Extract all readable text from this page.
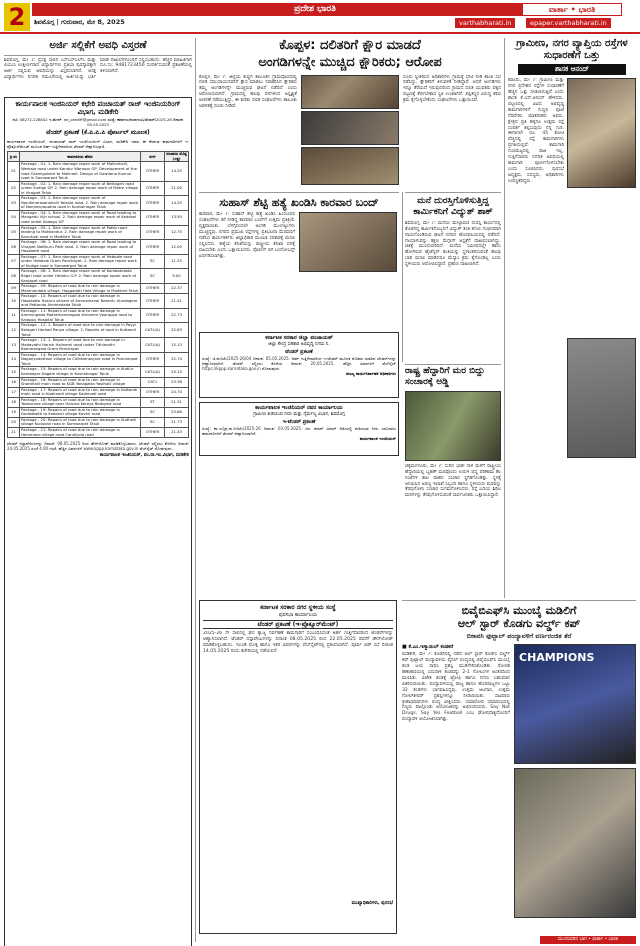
2	ಪ್ರದೇಶ ಭಾರತಿ	ವಾರ್ತಾ • ಭಾರತಿ
ಶಿವಮೊಗ್ಗ | ಗುರುವಾರ, ಮೇ 8, 2025	varthabharati.in	epaper.varthabharati.in
ಅರ್ಜಿ ಸಲ್ಲಿಕೆಗೆ ಅವಧಿ ವಿಸ್ತರಣೆ
ಶಿವಮೊಗ್ಗ, ಮೇ 7: ಪ್ರಸಕ್ತ ಸಾಲಿನ ಎಸ್‌ಎಸ್‌ಎಲ್‌ಸಿ ಮತ್ತು ಪಿಯುಸಿ ಉತ್ತೀರ್ಣರಾದ ವಿದ್ಯಾರ್ಥಿಗಳು ಪ್ರತಿಭಾ ಪುರಸ್ಕಾರಕ್ಕಾಗಿ ಅರ್ಜಿ ಸಲ್ಲಿಸುವ ಅವಧಿಯನ್ನು ವಿಸ್ತರಿಸಲಾಗಿದೆ. ಆಸಕ್ತ ವಿದ್ಯಾರ್ಥಿಗಳು ನಿಗದಿತ ನಮೂನೆಯಲ್ಲಿ ಅರ್ಜಿಯನ್ನು ಭರ್ತಿ ಮಾಡಿ ದಾಖಲೆಗಳೊಂದಿಗೆ ಸಲ್ಲಿಸಬಹುದು. ಹೆಚ್ಚಿನ ಮಾಹಿತಿಗಾಗಿ ದೂ.ಸಂ: 9481723456 ಸಂಪರ್ಕಿಸುವಂತೆ ಪ್ರಕಟಣೆಯಲ್ಲಿ ತಿಳಿಸಲಾಗಿದೆ.
ಕಾರ್ಯಪಾಲಕ ಇಂಜಿನಿಯರ್ ಕಛೇರಿ ಪಂಚಾಯತ್ ರಾಜ್ ಇಂಜಿನಿಯರಿಂಗ್ ವಿಭಾಗ, ಮಡಿಕೇರಿ
ದೂ: 08272-228842 ಇ-ಮೇಲ್: ee_prediff@gmail.com ಸಂಖ್ಯೆ: ಕಾಪಾಇಂ/ಪಂರಾಇಂವಿ/ಟೆಂಡರ್/2025-26 ದಿನಾಂಕ: 05.05.2025
ಟೆಂಡರ್ ಪ್ರಕಟಣೆ (ಕೆ.ಪಿ.ಪಿ.ಪಿ ಪೋರ್ಟಲ್ ಮೂಲಕ)
ಕಾರ್ಯಪಾಲಕ ಇಂಜಿನಿಯರ್, ಪಂಚಾಯತ್ ರಾಜ್ ಇಂಜಿನಿಯರಿಂಗ್ ವಿಭಾಗ, ಮಡಿಕೇರಿ ಇವರು ಈ ಕೆಳಕಂಡ ಕಾಮಗಾರಿಗಳಿಗೆ ಇ-ಪ್ರೊಕ್ಯೂರ್‌ಮೆಂಟ್ ಮೂಲಕ ಅರ್ಹ ಗುತ್ತಿಗೆದಾರರಿಂದ ಟೆಂಡರ್ ಆಹ್ವಾನಿಸಿದ್ದಾರೆ.
ಕ್ರ.ಸಂ	ಕಾಮಗಾರಿಯ ಹೆಸರು	ವರ್ಗ	ಅಂದಾಜು ಮೊತ್ತ (ಲಕ್ಷ)
01	Package - 01: 1. Rain damage repair work of Mallonhalli, Werkaje road under Kandur Warnoor GP, Development of the road Gramigukere to Mallnadi. Design of Gowdana Kunnur road in Somwarpet Taluk	OTHER	14.25
02	Package - 02: 1. Rain damage repair work of Bettageri road under Kudige GP. 2. Rain damage repair work of Matre village in Virajpet Taluk	OTHER	21.00
03	Package - 03: 1. Rain damage repair work of Nandimarasanahalli Yalasta road. 2. Rain damage repair work of Nanjarayapatna road in Kushalnagar Taluk	OTHER	14.25
04	Package - 04: 1. Rain damage repair work of Road leading to Mangadu Vijh school. 2. Rain damage repair work of Kedakal road under Kodagu GP	OTHER	13.50
05	Package - 05: 1. Rain damage repair work of Pattiz road leading to Makkandur. 2. Rain damage repair work of Kanukudi road in Madikeri Taluk	OTHER	12.75
06	Package - 06: 1. Rain damage repair work of Road leading to Virajpet Nallikuru Patti road. 2. Rain damage repair work of Hosabetti road	OTHER	12.00
07	Package - 07: 1. Rain damage repair work of Hebbale road under Hebbale Gram Panchayat. 2. Rain damage repair work of Kudige road in Somwarpet Taluk	SC	11.25
08	Package - 08: 1. Rain damage repair work of Kambatalada Bilgiri road under Heddur G.P. 2. Rain damage repair work of Kanjapet road	SC	9.00
09	Package - 09: Repairs of road due to rain damage in Manmandata village, Haggadati Hala Village in Madikeri Taluk	OTHER	22.37
10	Package - 10: Repairs of road due to rain damage in Hosakatte Hosuru sitnam of Ammamanai Naranti, Kundagere and Pattanda Aimmedada Taluk	OTHER	21.41
11	Package - 11: Repairs of road due to rain damage in Ammungada Matrathamangala sitnamm Voorappa road to Kalappu Hospital Taluk	OTHER	22.73
12	Package - 12: 1. Repairs of road due to rain damage in Payyi Belageri Harhad Panya village. 2. Repairs of road in Kuttandi Taluk	CAT-I(A)	22.63
13	Package - 13: 1. Repairs of road due to rain damage in Madavathi Harish Halinami road under Tithimathi Bommangala Gram Panchayat	CAT-I(A)	15.13
14	Package - 14: Repairs of road due to rain damage in Naganyodathani village to Chikkamanjare road in Ponnampet Taluk	OTHER	22.74
15	Package - 15: Repairs of road due to rain damage in Kudlur Kambayar Dagale village in Kushalnagar Taluk	CAT-I(A)	25.13
16	Package - 16: Repairs of road due to rain damage in Shanthalli main road to KGB Yanagatta Yasthalli village	CAT-I	23.36
17	Package - 17: Repairs of road due to rain damage in Kalkandi main road in Kadimadi village Kadimadi road	OTHER	24.74
18	Package - 18: Repairs of road due to rain damage in Yadavnare village near Halsina Kereya Bedigina road	ST	21.31
19	Package - 19: Repairs of road due to rain damage in Doddabetti to Kodandi village Kaveri road	SC	23.86
20	Package - 20: Repairs of road due to rain damage in Kudhalli village Kudukan road in Somwarpet Taluk	SC	21.73
21	Package - 21: Repairs of road due to rain damage in Hemmana village road Candiyola road	OTHER	21.43
ಟೆಂಡರ್ ದಸ್ತಾವೇಜುಗಳನ್ನು ದಿನಾಂಕ: 08.05.2025 ರಿಂದ ಡೌನ್‌ಲೋಡ್ ಮಾಡಿಕೊಳ್ಳಬಹುದು. ಟೆಂಡರ್ ಸಲ್ಲಿಸಲು ಕೊನೆಯ ದಿನಾಂಕ: 24.05.2025 ಸಂಜೆ 4.00 ಗಂಟೆ. ಹೆಚ್ಚಿನ ವಿವರಗಳಿಗೆ www.kppp.karnataka.gov.in ವೆಬ್‌ಸೈಟ್ ನೋಡುವುದು.
ಕಾರ್ಯಪಾಲಕ ಇಂಜಿನಿಯರ್, ಪಂ.ರಾ.ಇಂ.ವಿಭಾಗ, ಮಡಿಕೇರಿ
ಕೊಪ್ಪಳ: ದಲಿತರಿಗೆ ಕ್ಷೌರ ಮಾಡದೆ
ಅಂಗಡಿಗಳನ್ನೇ ಮುಚ್ಚಿದ ಕ್ಷೌರಿಕರು; ಆರೋಪ
ಕೊಪ್ಪಳ, ಮೇ 7: ಜಿಲ್ಲೆಯ ಕುಷ್ಟಗಿ ತಾಲೂಕಿನ ಗ್ರಾಮವೊಂದರಲ್ಲಿ ದಲಿತ ಸಮುದಾಯದವರಿಗೆ ಕ್ಷೌರ ಮಾಡಲು ನಿರಾಕರಿಸಿದ ಕ್ಷೌರಿಕರು ತಮ್ಮ ಅಂಗಡಿಗಳನ್ನೇ ಮುಚ್ಚಿರುವ ಘಟನೆ ನಡೆದಿದೆ ಎಂದು ಆರೋಪಿಸಲಾಗಿದೆ. ಗ್ರಾಮದಲ್ಲಿ ಹಲವು ದಿನಗಳಿಂದ ಅಸ್ಪೃಶ್ಯತೆ ಆಚರಣೆ ನಡೆಯುತ್ತಿದ್ದು, ಈ ಕುರಿತು ದಲಿತ ಸಂಘಟನೆಗಳು ತಾಲೂಕು ಆಡಳಿತಕ್ಕೆ ದೂರು ನೀಡಿವೆ.
ದೂರು ಸ್ವೀಕರಿಸಿದ ಅಧಿಕಾರಿಗಳು ಗ್ರಾಮಕ್ಕೆ ಭೇಟಿ ನೀಡಿ ಶಾಂತಿ ಸಭೆ ನಡೆಸಿದ್ದು, ಕ್ಷೌರಿಕರಿಗೆ ತಿಳುವಳಿಕೆ ನೀಡಿದ್ದಾರೆ. ಆದರೆ ಅಂಗಡಿಗಳು ಇನ್ನೂ ತೆರೆಯದೆ ಇರುವುದರಿಂದ ಗ್ರಾಮದ ದಲಿತ ಯುವಕರು ಪಕ್ಕದ ಪಟ್ಟಣಕ್ಕೆ ತೆರಳಬೇಕಾದ ಸ್ಥಿತಿ ಉಂಟಾಗಿದೆ. ತಪ್ಪಿತಸ್ಥರ ವಿರುದ್ಧ ಕಠಿಣ ಕ್ರಮ ಕೈಗೊಳ್ಳಬೇಕೆಂದು ಸಂಘಟನೆಗಳು ಒತ್ತಾಯಿಸಿವೆ.
ಗ್ರಾಮೀಣ, ನಗರ ವ್ಯಾಪ್ತಿಯ ರಸ್ತೆಗಳ ಸುಧಾರಣೆಗೆ ಒತ್ತು
ಶಾಸಕ ಆನಂದ್
ಕಡೂರು, ಮೇ 7: ಗ್ರಾಮೀಣ ಮತ್ತು ನಗರ ಪ್ರದೇಶದ ರಸ್ತೆಗಳ ಸುಧಾರಣೆಗೆ ಹೆಚ್ಚಿನ ಒತ್ತು ನೀಡಲಾಗುತ್ತಿದೆ ಎಂದು ಶಾಸಕ ಕೆ.ಎಸ್.ಆನಂದ್ ಹೇಳಿದರು. ಪಟ್ಟಣದಲ್ಲಿ ವಿವಿಧ ಅಭಿವೃದ್ಧಿ ಕಾಮಗಾರಿಗಳಿಗೆ ಗುದ್ದಲಿ ಪೂಜೆ ನೆರವೇರಿಸಿ ಮಾತನಾಡಿದ ಅವರು, ಕ್ಷೇತ್ರದ ಪ್ರತಿ ಹಳ್ಳಿಗೂ ಉತ್ತಮ ರಸ್ತೆ ಸಂಪರ್ಕ ಕಲ್ಪಿಸುವುದು ನನ್ನ ಗುರಿ. ಈಗಾಗಲೇ ರೂ. 45 ಕೋಟಿ ವೆಚ್ಚದಲ್ಲಿ ರಸ್ತೆ ಕಾಮಗಾರಿಗಳು ಪ್ರಗತಿಯಲ್ಲಿವೆ. ಕಾಮಗಾರಿ ಗುಣಮಟ್ಟದಲ್ಲಿ ರಾಜಿ ಇಲ್ಲ. ಗುತ್ತಿಗೆದಾರರು ನಿಗದಿತ ಅವಧಿಯಲ್ಲಿ ಕಾಮಗಾರಿ ಪೂರ್ಣಗೊಳಿಸಬೇಕು ಎಂದು ಸೂಚಿಸಿದರು. ಪುರಸಭೆ ಅಧ್ಯಕ್ಷರು, ಸದಸ್ಯರು, ಅಧಿಕಾರಿಗಳು ಉಪಸ್ಥಿತರಿದ್ದರು.
ಸುಹಾಸ್ ಶೆಟ್ಟಿ ಹತ್ಯೆ ಖಂಡಿಸಿ ಕಾರವಾರ ಬಂದ್
ಕಾರವಾರ, ಮೇ 7: ಸುಹಾಸ್ ಶೆಟ್ಟಿ ಹತ್ಯೆ ಖಂಡಿಸಿ ಹಿಂದೂಪರ ಸಂಘಟನೆಗಳು ಕರೆ ನೀಡಿದ್ದ ಕಾರವಾರ ಬಂದ್‌ಗೆ ಉತ್ತಮ ಪ್ರತಿಕ್ರಿಯೆ ವ್ಯಕ್ತವಾಯಿತು. ಬೆಳಗ್ಗಿನಿಂದಲೇ ಅಂಗಡಿ ಮುಂಗಟ್ಟುಗಳು ಮುಚ್ಚಿದ್ದವು. ನಗರದ ಪ್ರಮುಖ ರಸ್ತೆಗಳಲ್ಲಿ ಪ್ರತಿಭಟನಾ ಮೆರವಣಿಗೆ ನಡೆಸಿದ ಕಾರ್ಯಕರ್ತರು ಜಿಲ್ಲಾಧಿಕಾರಿ ಮೂಲಕ ಸರಕಾರಕ್ಕೆ ಮನವಿ ಸಲ್ಲಿಸಿದರು. ಹತ್ಯೆಯ ತನಿಖೆಯನ್ನು ರಾಷ್ಟ್ರೀಯ ತನಿಖಾ ದಳಕ್ಕೆ ವಹಿಸಬೇಕು ಎಂದು ಒತ್ತಾಯಿಸಿದರು. ಪೊಲೀಸ್ ಬಿಗಿ ಬಂದೋಬಸ್ತ್ ಏರ್ಪಡಿಸಲಾಗಿತ್ತು.
ಮನೆ ದುರಸ್ತಿಗೊಳಿಸುತ್ತಿದ್ದ ಕಾರ್ಮಿಕನಿಗೆ ವಿದ್ಯುತ್ ಶಾಕ್
ಶಿವಮೊಗ್ಗ, ಮೇ 7: ಮನೆಯ ಮೇಲ್ಛಾವಣಿ ದುರಸ್ತಿ ಕಾರ್ಯದಲ್ಲಿ ತೊಡಗಿದ್ದ ಕಾರ್ಮಿಕನೊಬ್ಬನಿಗೆ ವಿದ್ಯುತ್ ತಂತಿ ತಗುಲಿ ಗಂಭೀರವಾಗಿ ಗಾಯಗೊಂಡಿರುವ ಘಟನೆ ನಗರದ ಹೊರವಲಯದಲ್ಲಿ ನಡೆದಿದೆ. ಗಾಯಾಳುವನ್ನು ತಕ್ಷಣ ಮೆಗ್ಗಾನ್ ಆಸ್ಪತ್ರೆಗೆ ದಾಖಲಿಸಲಾಗಿದ್ದು, ಚಿಕಿತ್ಸೆ ಮುಂದುವರಿದಿದೆ. ಮನೆಯ ಸಮೀಪದಲ್ಲೇ ಹಾದು ಹೋಗಿರುವ ಹೈಟೆನ್ಶನ್ ತಂತಿಯನ್ನು ಸ್ಥಳಾಂತರಿಸುವಂತೆ ಹಲವು ಬಾರಿ ಮನವಿ ಮಾಡಿದರೂ ಮೆಸ್ಕಾಂ ಕ್ರಮ ಕೈಗೊಂಡಿಲ್ಲ ಎಂದು ಸ್ಥಳೀಯರು ಆರೋಪಿಸಿದ್ದಾರೆ. ಪ್ರಕರಣ ದಾಖಲಾಗಿದೆ.
ಕರ್ನಾಟಕ ಸರಕಾರ ಜಿಲ್ಲಾ ಪಂಚಾಯತ್
ಜಿಲ್ಲಾ ಕೇಂದ್ರ ಸಹಕಾರ ಅಭಿವೃದ್ಧಿ ನಿಗಮ ನಿ.
ಟೆಂಡರ್ ಪ್ರಕಟಣೆ
ಸಂಖ್ಯೆ: ಜಿ.ಪಂ/ಟೆಂ/2025-26/04 ದಿನಾಂಕ: 05.05.2025. ಅರ್ಹ ಗುತ್ತಿಗೆದಾರರಿಂದ ಇ-ಟೆಂಡರ್ ಮೂಲಕ ಮೊಹರು ಮಾಡಿದ ಟೆಂಡರ್‌ಗಳನ್ನು ಆಹ್ವಾನಿಸಲಾಗಿದೆ. ಟೆಂಡರ್ ಸಲ್ಲಿಸಲು ಕೊನೆಯ ದಿನಾಂಕ: 20.05.2025. ಹೆಚ್ಚಿನ ವಿವರಗಳಿಗೆ ವೆಬ್‌ಸೈಟ್ https://kppp.karnataka.gov.in ನೋಡುವುದು.
ಮುಖ್ಯ ಕಾರ್ಯನಿರ್ವಾಹಕ ಅಧಿಕಾರಿಗಳು	ರಾಷ್ಟ್ರ ಹೆದ್ದಾರಿಗೆ ಮರ ಬಿದ್ದು ಸಂಚಾರಕ್ಕೆ ಅಡ್ಡಿ
ಚಿಕ್ಕಮಗಳೂರು, ಮೇ 7: ಸುರಿದ ಭಾರೀ ಗಾಳಿ ಮಳೆಗೆ ರಾಷ್ಟ್ರೀಯ ಹೆದ್ದಾರಿಯಲ್ಲಿ ಬೃಹತ್ ಮರವೊಂದು ಉರುಳಿ ಬಿದ್ದ ಪರಿಣಾಮ ಕೆಲ ಗಂಟೆಗಳ ಕಾಲ ವಾಹನ ಸಂಚಾರ ಸ್ಥಗಿತಗೊಂಡಿತ್ತು. ಸ್ಥಳಕ್ಕೆ ಆಗಮಿಸಿದ ಅರಣ್ಯ ಇಲಾಖೆ ಸಿಬ್ಬಂದಿ ಹಾಗೂ ಸ್ಥಳೀಯರು ಮರವನ್ನು ತೆರವುಗೊಳಿಸಿ ಸಂಚಾರ ಸುಗಮಗೊಳಿಸಿದರು. ರಸ್ತೆ ಬದಿಯ ಶಿಥಿಲ ಮರಗಳನ್ನು ತೆರವುಗೊಳಿಸುವಂತೆ ಸಾರ್ವಜನಿಕರು ಒತ್ತಾಯಿಸಿದ್ದಾರೆ.
ಕಾರ್ಯಪಾಲಕ ಇಂಜಿನಿಯರ್ ರವರ ಕಾರ್ಯಾಲಯ
ಗ್ರಾಮೀಣ ಕುಡಿಯುವ ನೀರು ಮತ್ತು ನೈರ್ಮಲ್ಯ ವಿಭಾಗ, ಶಿವಮೊಗ್ಗ
ಇ-ಟೆಂಡರ್ ಪ್ರಕಟಣೆ
ಸಂಖ್ಯೆ: ಕಾ.ಇಂ/ಗ್ರಾ.ಕು.ನೀ/ಟೆಂ/2025-26 ದಿನಾಂಕ: 03.05.2025. ಜಲ ಜೀವನ್ ಮಿಷನ್ ಅಡಿಯಲ್ಲಿ ಕುಡಿಯುವ ನೀರು ಸರಬರಾಜು ಕಾಮಗಾರಿಗಳಿಗೆ ಟೆಂಡರ್ ಆಹ್ವಾನಿಸಲಾಗಿದೆ.
ಕಾರ್ಯಪಾಲಕ ಇಂಜಿನಿಯರ್
ಬಿವೈಬಿಎಫ್‌ಸಿ ಮುಂಬೈ ಮಡಿಲಿಗೆ
ಆಲ್ ಸ್ಟಾರ್ ಕೊಡಗು ವರ್ಲ್ಡ್ ಕಪ್
ಬಿಕಾಪಸಿ ಫುಟ್ಬಾಲ್ ಪಂದ್ಯಾವಳಿಗೆ ವರ್ಣರಂಜಿತ ತೆರೆ
■ ಕೆ.ಎಂ.ಇಸ್ಮಾಯಿಲ್ ಕಂಡಕರೆ
ಮಡಿಕೇರಿ, ಮೇ 7: ಕೊಡಗಿನಲ್ಲಿ ನಡೆದ ಆಲ್ ಸ್ಟಾರ್ ಕೊಡಗು ವರ್ಲ್ಡ್ ಕಪ್ ಫುಟ್ಬಾಲ್ ಪಂದ್ಯಾವಳಿಯ ಫೈನಲ್ ಪಂದ್ಯದಲ್ಲಿ ಬಿವೈಬಿಎಫ್‌ಸಿ ಮುಂಬೈ ತಂಡ ಜಯ ಸಾಧಿಸಿ ಪ್ರಶಸ್ತಿ ಮುಡಿಗೇರಿಸಿಕೊಂಡಿತು. ರೋಚಕ ಹಣಾಹಣಿಯಲ್ಲಿ ಎದುರಾಳಿ ತಂಡವನ್ನು 2-1 ಗೋಲುಗಳ ಅಂತರದಿಂದ ಮಣಿಸಿತು. ವಿಜೇತ ತಂಡಕ್ಕೆ ಟ್ರೋಫಿ ಹಾಗೂ ನಗದು ಬಹುಮಾನ ವಿತರಿಸಲಾಯಿತು. ಪಂದ್ಯಾವಳಿಯಲ್ಲಿ ರಾಜ್ಯ ಹಾಗೂ ಹೊರರಾಜ್ಯಗಳ ಒಟ್ಟು 32 ತಂಡಗಳು ಭಾಗವಹಿಸಿದ್ದವು. ಉತ್ತಮ ಆಟಗಾರ, ಉತ್ತಮ ಗೋಲ್‌ಕೀಪರ್ ಪ್ರಶಸ್ತಿಗಳನ್ನೂ ನೀಡಲಾಯಿತು. ಸಾವಿರಾರು ಕ್ರೀಡಾಭಿಮಾನಿಗಳು ಪಂದ್ಯ ವೀಕ್ಷಿಸಿದರು. ಸಮಾರೋಪ ಸಮಾರಂಭದಲ್ಲಿ ಗಣ್ಯರು ಪಾಲ್ಗೊಂಡು ಆಯೋಜಕರನ್ನು ಅಭಿನಂದಿಸಿದರು. Say Not Drugs, Say Yes Football ಎಂಬ ಘೋಷವಾಕ್ಯದೊಂದಿಗೆ ಪಂದ್ಯಾವಳಿ ಆಯೋಜಿಸಲಾಗಿತ್ತು.
CHAMPIONS
ಕರ್ನಾಟಕ ಸರಕಾರ ನಗರ ಸ್ಥಳೀಯ ಸಂಸ್ಥೆ
ಪುರಸಭಾ ಕಾರ್ಯಾಲಯ
ಟೆಂಡರ್ ಪ್ರಕಟಣೆ (ಇ-ಪ್ರೊಕ್ಯೂರ್‌ಮೆಂಟ್)
2025-26 ನೇ ಸಾಲಿನಲ್ಲಿ ಘನ ತ್ಯಾಜ್ಯ ನಿರ್ವಹಣೆ ಕಾಮಗಾರಿಗೆ ಸಂಬಂಧಿಸಿದಂತೆ ಅರ್ಹ ಗುತ್ತಿಗೆದಾರರಿಂದ ಟೆಂಡರ್‌ಗಳನ್ನು ಆಹ್ವಾನಿಸಲಾಗಿದೆ. ಟೆಂಡರ್ ದಸ್ತಾವೇಜುಗಳನ್ನು ದಿನಾಂಕ 08.05.2025 ರಿಂದ 22.05.2025 ರವರೆಗೆ ಡೌನ್‌ಲೋಡ್ ಮಾಡಿಕೊಳ್ಳಬಹುದು. ಇಎಂಡಿ ಮೊತ್ತ ಹಾಗೂ ಇತರ ವಿವರಗಳನ್ನು ವೆಬ್‌ಸೈಟ್‌ನಲ್ಲಿ ಪ್ರಕಟಿಸಲಾಗಿದೆ. ಪೂರ್ವ ಬಿಡ್ ಸಭೆ ದಿನಾಂಕ 14.05.2025 ರಂದು ಕಚೇರಿಯಲ್ಲಿ ನಡೆಯಲಿದೆ.
ಮುಖ್ಯಾಧಿಕಾರಿಗಳು, ಪುರಸಭೆ
ಮುಂದುವರಿದ ಭಾಗ • ವಾರ್ತಾ • ಭಾರತಿ
